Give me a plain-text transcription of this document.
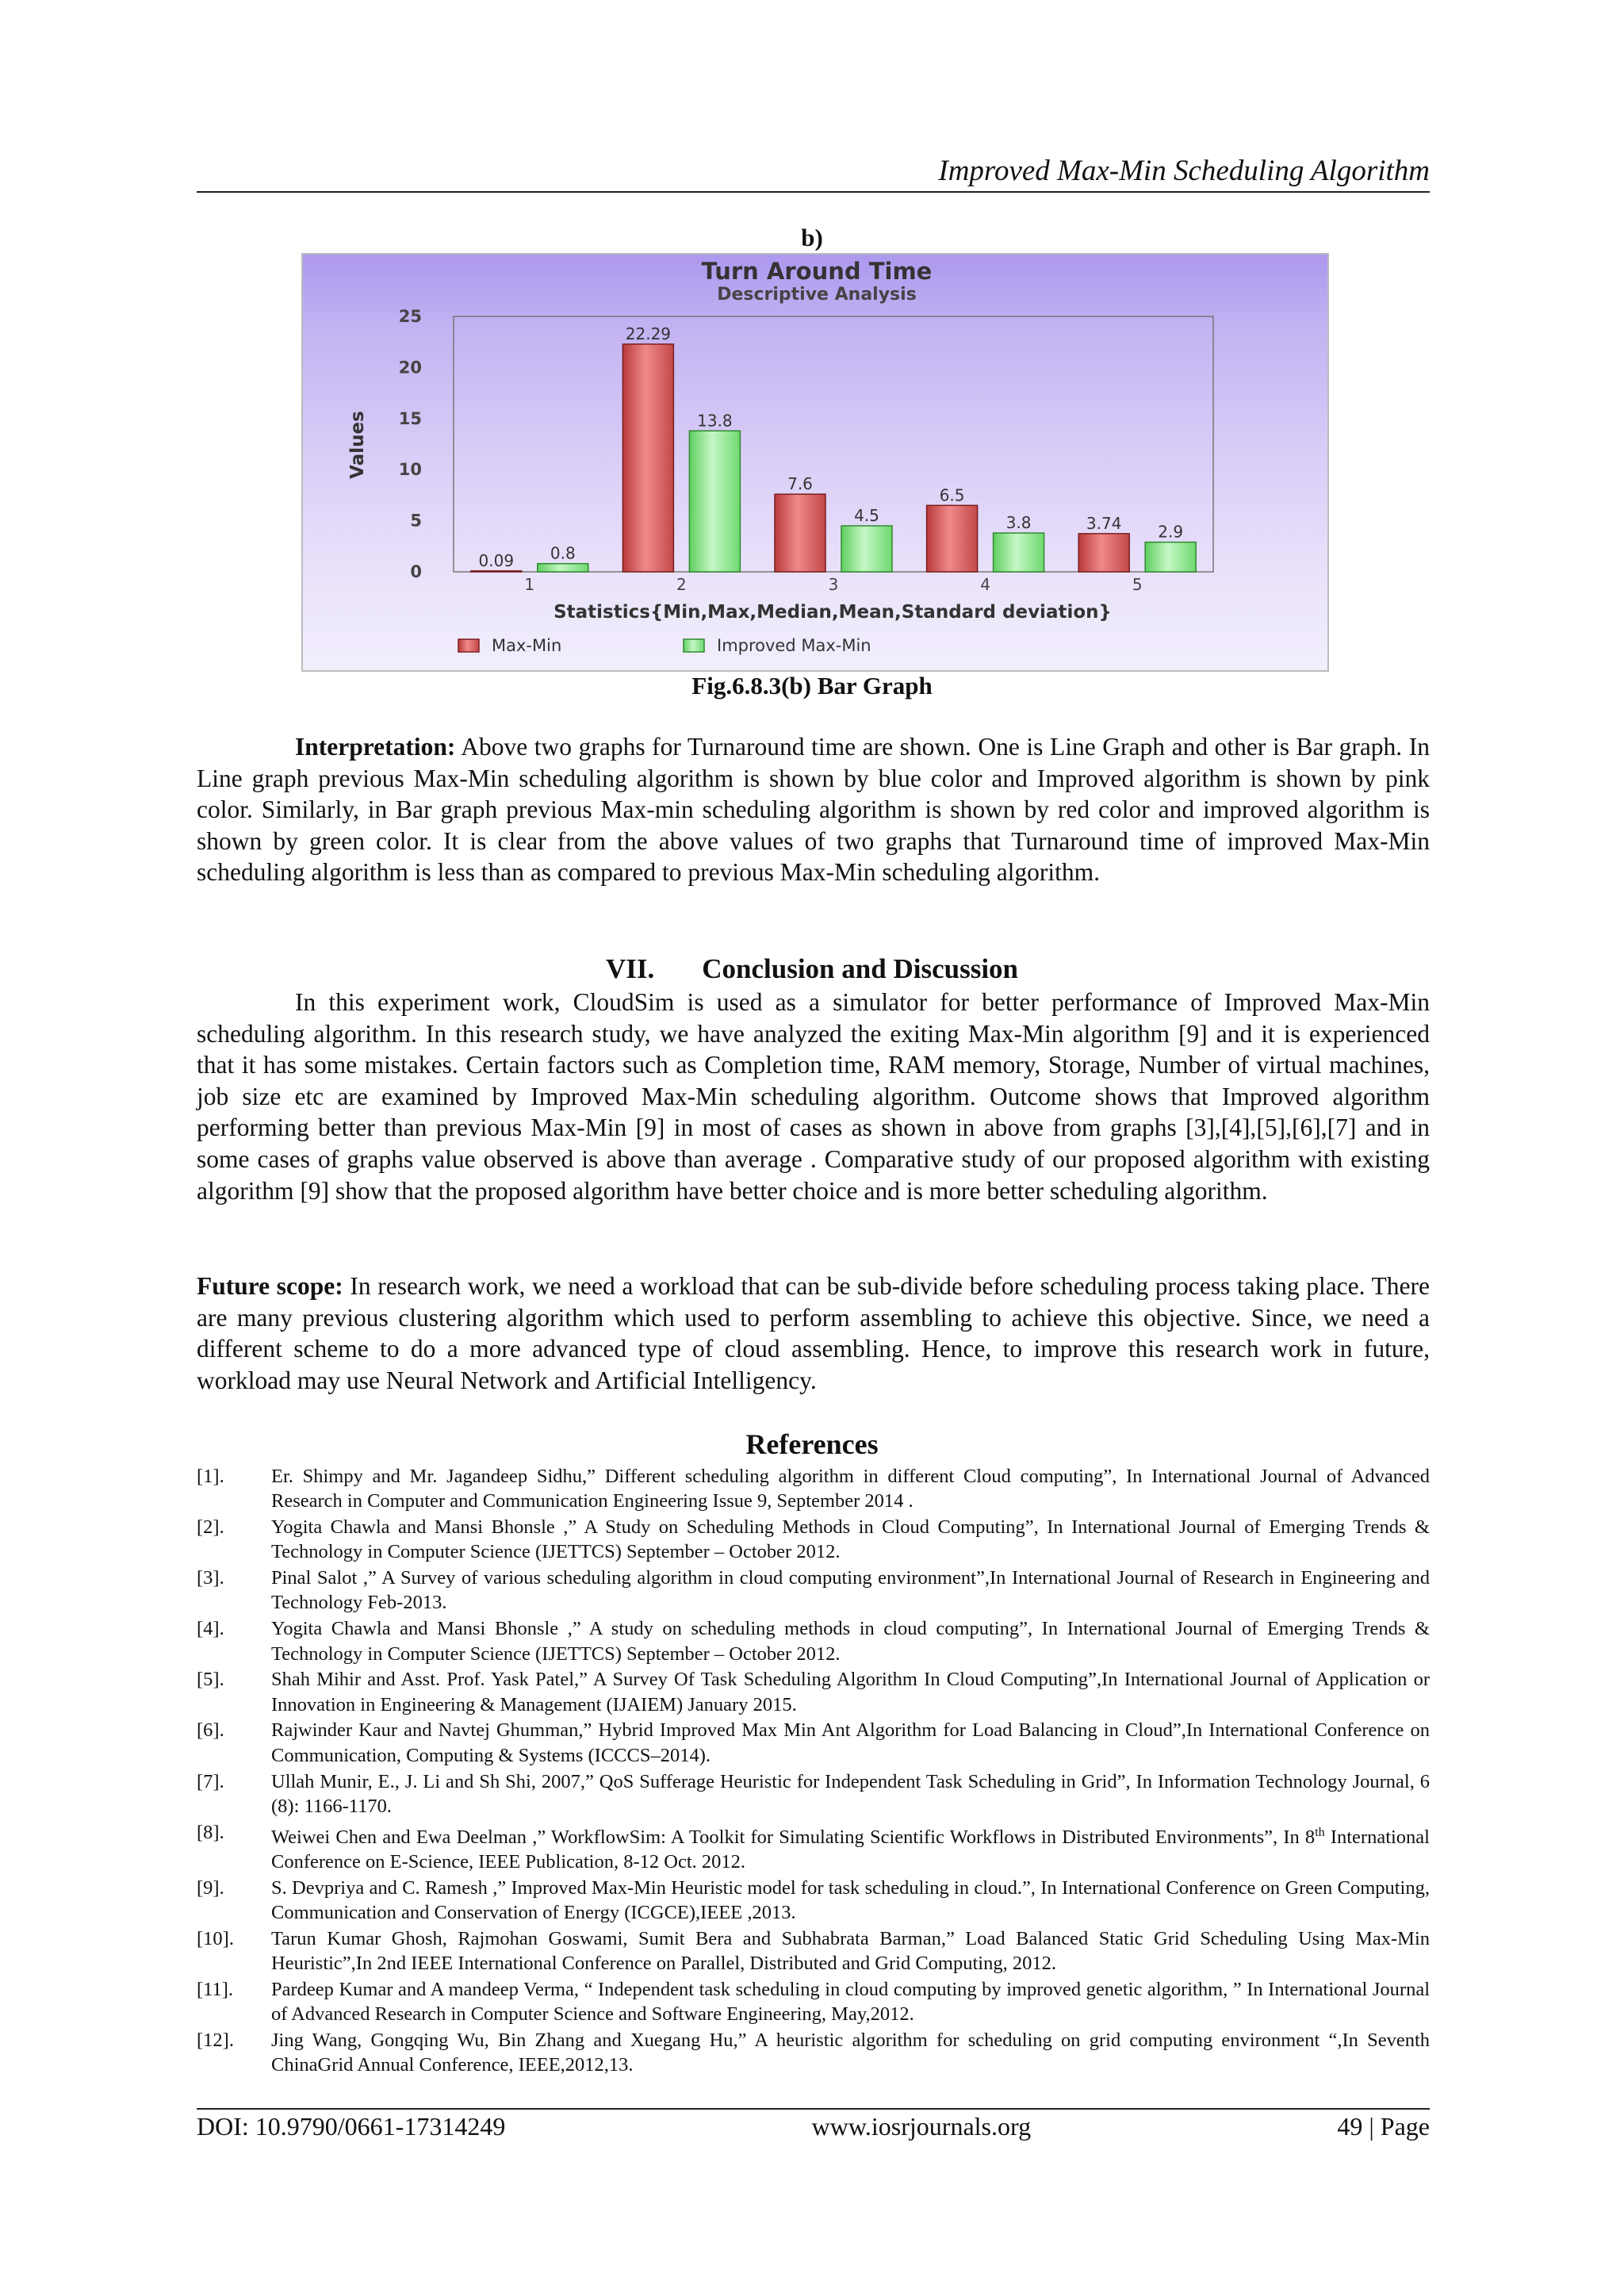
Improved Max-Min Scheduling Algorithm
b)
Turn Around Time
Descriptive Analysis
0
5
10
15
20
25
Values
0.09 0.8
1
22.29
13.8
2
7.6
4.5
3
6.5
3.8
4
3.74 2.9
5
Statistics{Min,Max,Median,Mean,Standard deviation}
Max-Min	Improved Max-Min
Fig.6.8.3(b) Bar Graph

Interpretation: Above two graphs for Turnaround time are shown. One is Line Graph and other is Bar graph. In Line graph previous Max-Min scheduling algorithm is shown by blue color and Improved algorithm is shown by pink color. Similarly, in Bar graph previous Max-min scheduling algorithm is shown by red color and improved algorithm is shown by green color. It is clear from the above values of two graphs that Turnaround time of improved Max-Min scheduling algorithm is less than as compared to previous Max-Min scheduling algorithm.

VII. Conclusion and Discussion

In this experiment work, CloudSim is used as a simulator for better performance of Improved Max-Min scheduling algorithm. In this research study, we have analyzed the exiting Max-Min algorithm [9] and it is experienced that it has some mistakes. Certain factors such as Completion time, RAM memory, Storage, Number of virtual machines, job size etc are examined by Improved Max-Min scheduling algorithm. Outcome shows that Improved algorithm performing better than previous Max-Min [9] in most of cases as shown in above from graphs [3],[4],[5],[6],[7] and in some cases of graphs value observed is above than average . Comparative study of our proposed algorithm with existing algorithm [9] show that the proposed algorithm have better choice and is more better scheduling algorithm.

Future scope: In research work, we need a workload that can be sub-divide before scheduling process taking place. There are many previous clustering algorithm which used to perform assembling to achieve this objective. Since, we need a different scheme to do a more advanced type of cloud assembling. Hence, to improve this research work in future, workload may use Neural Network and Artificial Intelligency.

References
[1].	Er. Shimpy and Mr. Jagandeep Sidhu,” Different scheduling algorithm in different Cloud computing”, In International Journal of Advanced Research in Computer and Communication Engineering Issue 9, September 2014 .
[2].	Yogita Chawla and Mansi Bhonsle ,” A Study on Scheduling Methods in Cloud Computing”, In International Journal of Emerging Trends & Technology in Computer Science (IJETTCS) September – October 2012.
[3].	Pinal Salot ,” A Survey of various scheduling algorithm in cloud computing environment”,In International Journal of Research in Engineering and Technology Feb-2013.
[4].	Yogita Chawla and Mansi Bhonsle ,” A study on scheduling methods in cloud computing”, In International Journal of Emerging Trends & Technology in Computer Science (IJETTCS) September – October 2012.
[5].	Shah Mihir and Asst. Prof. Yask Patel,” A Survey Of Task Scheduling Algorithm In Cloud Computing”,In International Journal of Application or Innovation in Engineering & Management (IJAIEM) January 2015.
[6].	Rajwinder Kaur and Navtej Ghumman,” Hybrid Improved Max Min Ant Algorithm for Load Balancing in Cloud”,In International Conference on Communication, Computing & Systems (ICCCS–2014).
[7].	Ullah Munir, E., J. Li and Sh Shi, 2007,” QoS Sufferage Heuristic for Independent Task Scheduling in Grid”, In Information Technology Journal, 6 (8): 1166-1170.
[8].	Weiwei Chen and Ewa Deelman ,” WorkflowSim: A Toolkit for Simulating Scientific Workflows in Distributed Environments”, In 8th International Conference on E-Science, IEEE Publication, 8-12 Oct. 2012.
[9].	S. Devpriya and C. Ramesh ,” Improved Max-Min Heuristic model for task scheduling in cloud.”, In International Conference on Green Computing, Communication and Conservation of Energy (ICGCE),IEEE ,2013.
[10].	Tarun Kumar Ghosh, Rajmohan Goswami, Sumit Bera and Subhabrata Barman,” Load Balanced Static Grid Scheduling Using Max-Min Heuristic”,In 2nd IEEE International Conference on Parallel, Distributed and Grid Computing, 2012.
[11].	Pardeep Kumar and A mandeep Verma, “ Independent task scheduling in cloud computing by improved genetic algorithm, ” In International Journal of Advanced Research in Computer Science and Software Engineering, May,2012.
[12].	Jing Wang, Gongqing Wu, Bin Zhang and Xuegang Hu,” A heuristic algorithm for scheduling on grid computing environment “,In Seventh ChinaGrid Annual Conference, IEEE,2012,13.
DOI: 10.9790/0661-17314249	www.iosrjournals.org	49 | Page
